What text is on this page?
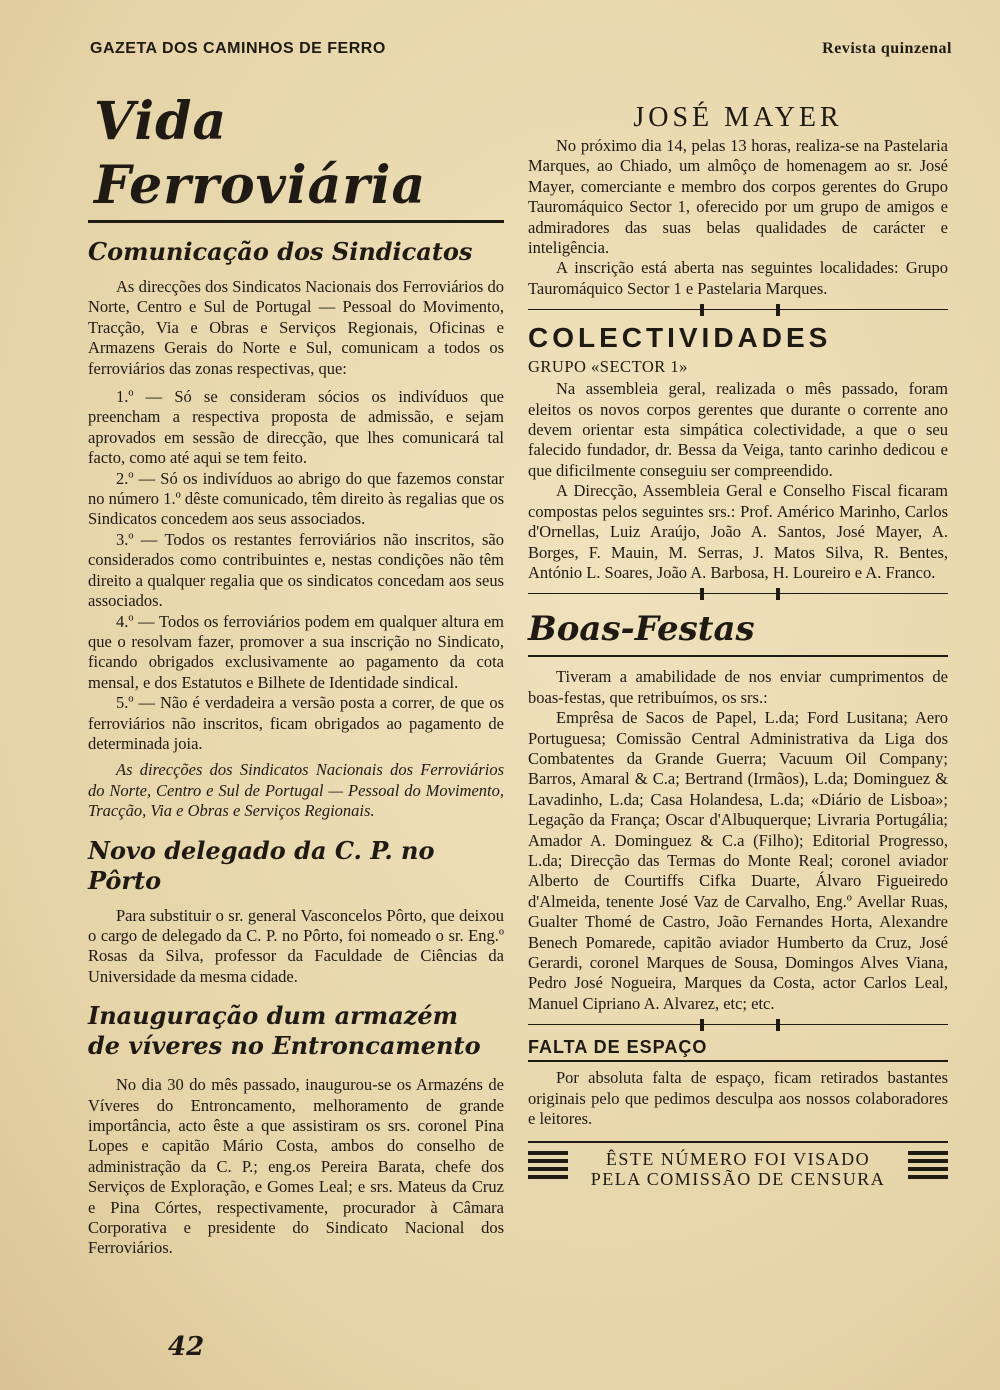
GAZETA DOS CAMINHOS DE FERRO	Revista quinzenal
Vida Ferroviária
Comunicação dos Sindicatos

As direcções dos Sindicatos Nacionais dos Ferroviários do Norte, Centro e Sul de Portugal — Pessoal do Movimento, Tracção, Via e Obras e Serviços Regionais, Oficinas e Armazens Gerais do Norte e Sul, comunicam a todos os ferroviários das zonas respectivas, que:

1.º — Só se consideram sócios os indivíduos que preencham a respectiva proposta de admissão, e sejam aprovados em sessão de direcção, que lhes comunicará tal facto, como até aqui se tem feito.

2.º — Só os indivíduos ao abrigo do que fazemos constar no número 1.º dêste comunicado, têm direito às regalias que os Sindicatos concedem aos seus associados.

3.º — Todos os restantes ferroviários não inscritos, são considerados como contribuintes e, nestas condições não têm direito a qualquer regalia que os sindicatos concedam aos seus associados.

4.º — Todos os ferroviários podem em qualquer altura em que o resolvam fazer, promover a sua inscrição no Sindicato, ficando obrigados exclusivamente ao pagamento da cota mensal, e dos Estatutos e Bilhete de Identidade sindical.

5.º — Não é verdadeira a versão posta a correr, de que os ferroviários não inscritos, ficam obrigados ao pagamento de determinada joia.

As direcções dos Sindicatos Nacionais dos Ferroviários do Norte, Centro e Sul de Portugal — Pessoal do Movimento, Tracção, Via e Obras e Serviços Regionais.

Novo delegado da C. P. no Pôrto

Para substituir o sr. general Vasconcelos Pôrto, que deixou o cargo de delegado da C. P. no Pôrto, foi nomeado o sr. Eng.º Rosas da Silva, professor da Faculdade de Ciências da Universidade da mesma cidade.

Inauguração dum armazém
de víveres no Entroncamento

No dia 30 do mês passado, inaugurou-se os Armazéns de Víveres do Entroncamento, melhoramento de grande importância, acto êste a que assistiram os srs. coronel Pina Lopes e capitão Mário Costa, ambos do conselho de administração da C. P.; eng.os Pereira Barata, chefe dos Serviços de Exploração, e Gomes Leal; e srs. Mateus da Cruz e Pina Córtes, respectivamente, procurador à Câmara Corporativa e presidente do Sindicato Nacional dos Ferroviários.

JOSÉ MAYER

No próximo dia 14, pelas 13 horas, realiza-se na Pastelaria Marques, ao Chiado, um almôço de homenagem ao sr. José Mayer, comerciante e membro dos corpos gerentes do Grupo Tauromáquico Sector 1, oferecido por um grupo de amigos e admiradores das suas belas qualidades de carácter e inteligência.

A inscrição está aberta nas seguintes localidades: Grupo Tauromáquico Sector 1 e Pastelaria Marques.

COLECTIVIDADES
GRUPO «SECTOR 1»

Na assembleia geral, realizada o mês passado, foram eleitos os novos corpos gerentes que durante o corrente ano devem orientar esta simpática colectividade, a que o seu falecido fundador, dr. Bessa da Veiga, tanto carinho dedicou e que dificilmente conseguiu ser compreendido.

A Direcção, Assembleia Geral e Conselho Fiscal ficaram compostas pelos seguintes srs.: Prof. Américo Marinho, Carlos d'Ornellas, Luiz Araújo, João A. Santos, José Mayer, A. Borges, F. Mauin, M. Serras, J. Matos Silva, R. Bentes, António L. Soares, João A. Barbosa, H. Loureiro e A. Franco.

Boas-Festas

Tiveram a amabilidade de nos enviar cumprimentos de boas-festas, que retribuímos, os srs.:

Emprêsa de Sacos de Papel, L.da; Ford Lusitana; Aero Portuguesa; Comissão Central Administrativa da Liga dos Combatentes da Grande Guerra; Vacuum Oil Company; Barros, Amaral & C.a; Bertrand (Irmãos), L.da; Dominguez & Lavadinho, L.da; Casa Holandesa, L.da; «Diário de Lisboa»; Legação da França; Oscar d'Albuquerque; Livraria Portugália; Amador A. Dominguez & C.a (Filho); Editorial Progresso, L.da; Direcção das Termas do Monte Real; coronel aviador Alberto de Courtiffs Cifka Duarte, Álvaro Figueiredo d'Almeida, tenente José Vaz de Carvalho, Eng.º Avellar Ruas, Gualter Thomé de Castro, João Fernandes Horta, Alexandre Benech Pomarede, capitão aviador Humberto da Cruz, José Gerardi, coronel Marques de Sousa, Domingos Alves Viana, Pedro José Nogueira, Marques da Costa, actor Carlos Leal, Manuel Cipriano A. Alvarez, etc; etc.

FALTA DE ESPAÇO

Por absoluta falta de espaço, ficam retirados bastantes originais pelo que pedimos desculpa aos nossos colaboradores e leitores.

ÊSTE NÚMERO FOI VISADO
PELA COMISSÃO DE CENSURA
42
